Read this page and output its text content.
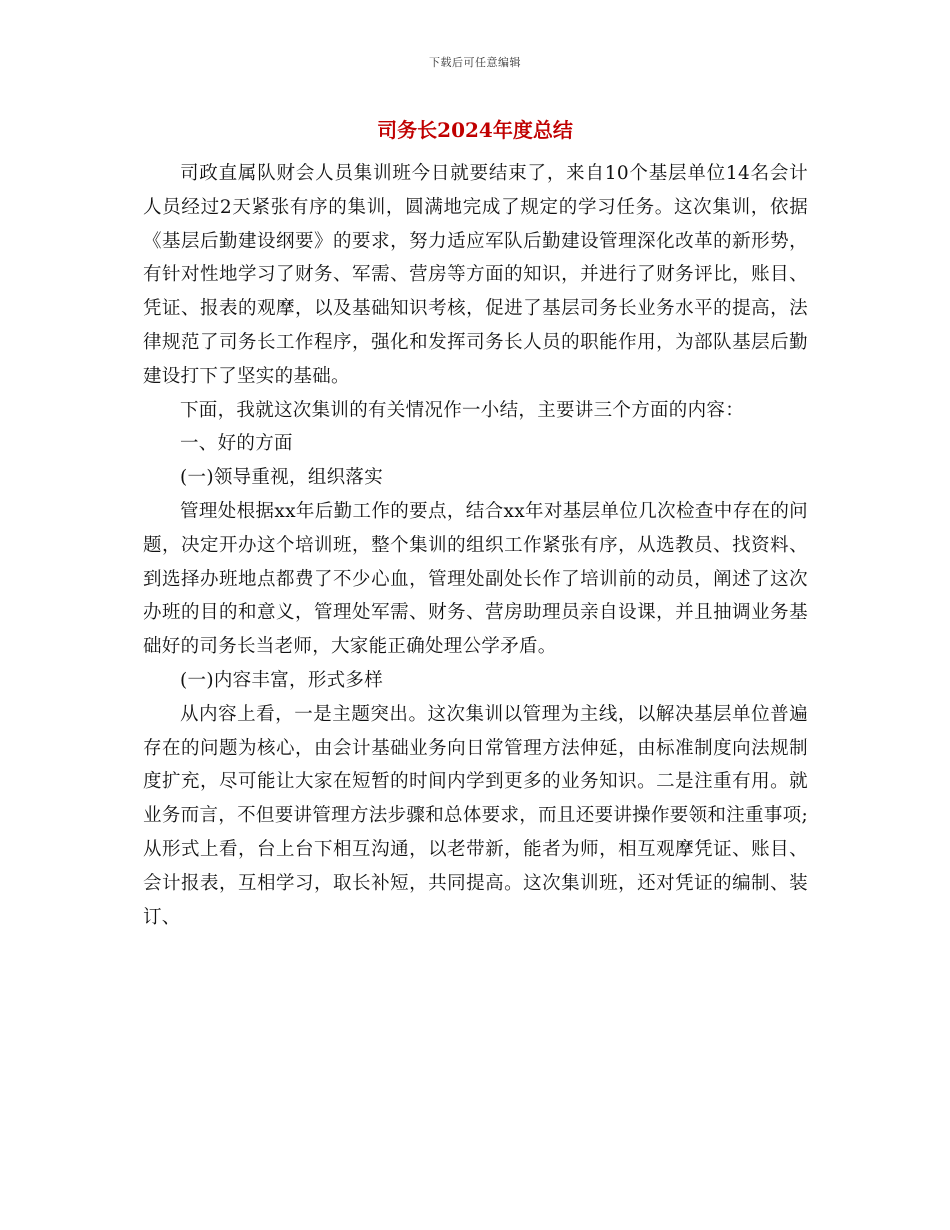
下载后可任意编辑
司务长2024年度总结

司政直属队财会人员集训班今日就要结束了，来自10个基层单位14名会计人员经过2天紧张有序的集训，圆满地完成了规定的学习任务。这次集训，依据《基层后勤建设纲要》的要求，努力适应军队后勤建设管理深化改革的新形势，有针对性地学习了财务、军需、营房等方面的知识，并进行了财务评比，账目、凭证、报表的观摩，以及基础知识考核，促进了基层司务长业务水平的提高，法律规范了司务长工作程序，强化和发挥司务长人员的职能作用，为部队基层后勤建设打下了坚实的基础。

下面，我就这次集训的有关情况作一小结，主要讲三个方面的内容：

一、好的方面

(一)领导重视，组织落实

管理处根据xx年后勤工作的要点，结合xx年对基层单位几次检查中存在的问题，决定开办这个培训班，整个集训的组织工作紧张有序，从选教员、找资料、到选择办班地点都费了不少心血，管理处副处长作了培训前的动员，阐述了这次办班的目的和意义，管理处军需、财务、营房助理员亲自设课，并且抽调业务基础好的司务长当老师，大家能正确处理公学矛盾。

(一)内容丰富，形式多样

从内容上看，一是主题突出。这次集训以管理为主线，以解决基层单位普遍存在的问题为核心，由会计基础业务向日常管理方法伸延，由标准制度向法规制度扩充，尽可能让大家在短暂的时间内学到更多的业务知识。二是注重有用。就业务而言，不但要讲管理方法步骤和总体要求，而且还要讲操作要领和注重事项;从形式上看，台上台下相互沟通，以老带新，能者为师，相互观摩凭证、账目、会计报表，互相学习，取长补短，共同提高。这次集训班，还对凭证的编制、装订、
